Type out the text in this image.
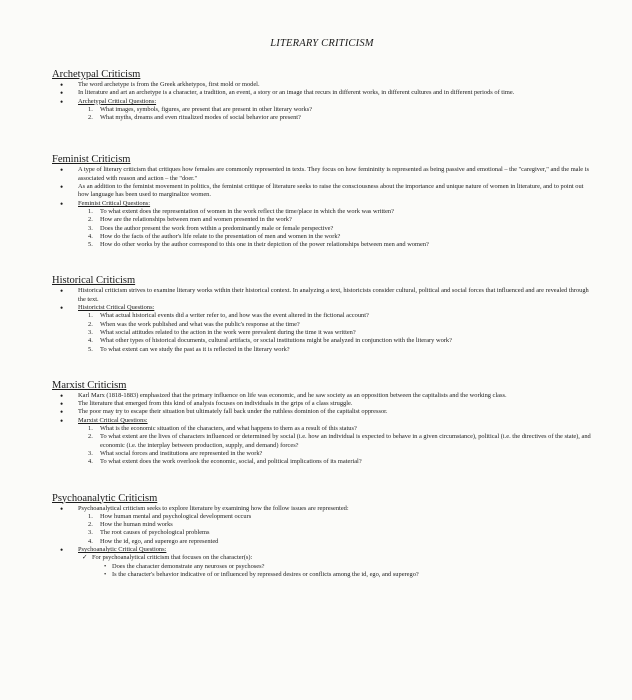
LITERARY CRITICISM
Archetypal Criticism
• The word archetype is from the Greek arkhetypos, first mold or model.
• In literature and art an archetype is a character, a tradition, an event, a story or an image that recurs in different works, in different cultures and in different periods of time.
• Archetypal Critical Questions:
What images, symbols, figures, are present that are present in other literary works?
What myths, dreams and even ritualized modes of social behavior are present?
Feminist Criticism
• A type of literary criticism that critiques how females are commonly represented in texts. They focus on how femininity is represented as being passive and emotional – the "caregiver," and the male is associated with reason and action – the "doer."
• As an addition to the feminist movement in politics, the feminist critique of literature seeks to raise the consciousness about the importance and unique nature of women in literature, and to point out how language has been used to marginalize women.
• Feminist Critical Questions:
To what extent does the representation of women in the work reflect the time/place in which the work was written?
How are the relationships between men and women presented in the work?
Does the author present the work from within a predominantly male or female perspective?
How do the facts of the author's life relate to the presentation of men and women in the work?
How do other works by the author correspond to this one in their depiction of the power relationships between men and women?
Historical Criticism
• Historical criticism strives to examine literary works within their historical context. In analyzing a text, historicists consider cultural, political and social forces that influenced and are revealed through the text.
• Historicist Critical Questions:
What actual historical events did a writer refer to, and how was the event altered in the fictional account?
When was the work published and what was the public's response at the time?
What social attitudes related to the action in the work were prevalent during the time it was written?
What other types of historical documents, cultural artifacts, or social institutions might be analyzed in conjunction with the literary work?
To what extent can we study the past as it is reflected in the literary work?
Marxist Criticism
• Karl Marx (1818-1883) emphasized that the primary influence on life was economic, and he saw society as an opposition between the capitalists and the working class.
• The literature that emerged from this kind of analysis focuses on individuals in the grips of a class struggle.
• The poor may try to escape their situation but ultimately fall back under the ruthless dominion of the capitalist oppressor.
• Marxist Critical Questions:
What is the economic situation of the characters, and what happens to them as a result of this status?
To what extent are the lives of characters influenced or determined by social (i.e. how an individual is expected to behave in a given circumstance), political (i.e. the directives of the state), and economic (i.e. the interplay between production, supply, and demand) forces?
What social forces and institutions are represented in the work?
To what extent does the work overlook the economic, social, and political implications of its material?
Psychoanalytic Criticism
• Psychoanalytical criticism seeks to explore literature by examining how the follow issues are represented:
How human mental and psychological development occurs
How the human mind works
The root causes of psychological problems
How the id, ego, and superego are represented
• Psychoanalytic Critical Questions:
✓ For psychoanalytical criticism that focuses on the character(s):
• Does the character demonstrate any neuroses or psychoses?
• Is the character's behavior indicative of or influenced by repressed desires or conflicts among the id, ego, and superego?
